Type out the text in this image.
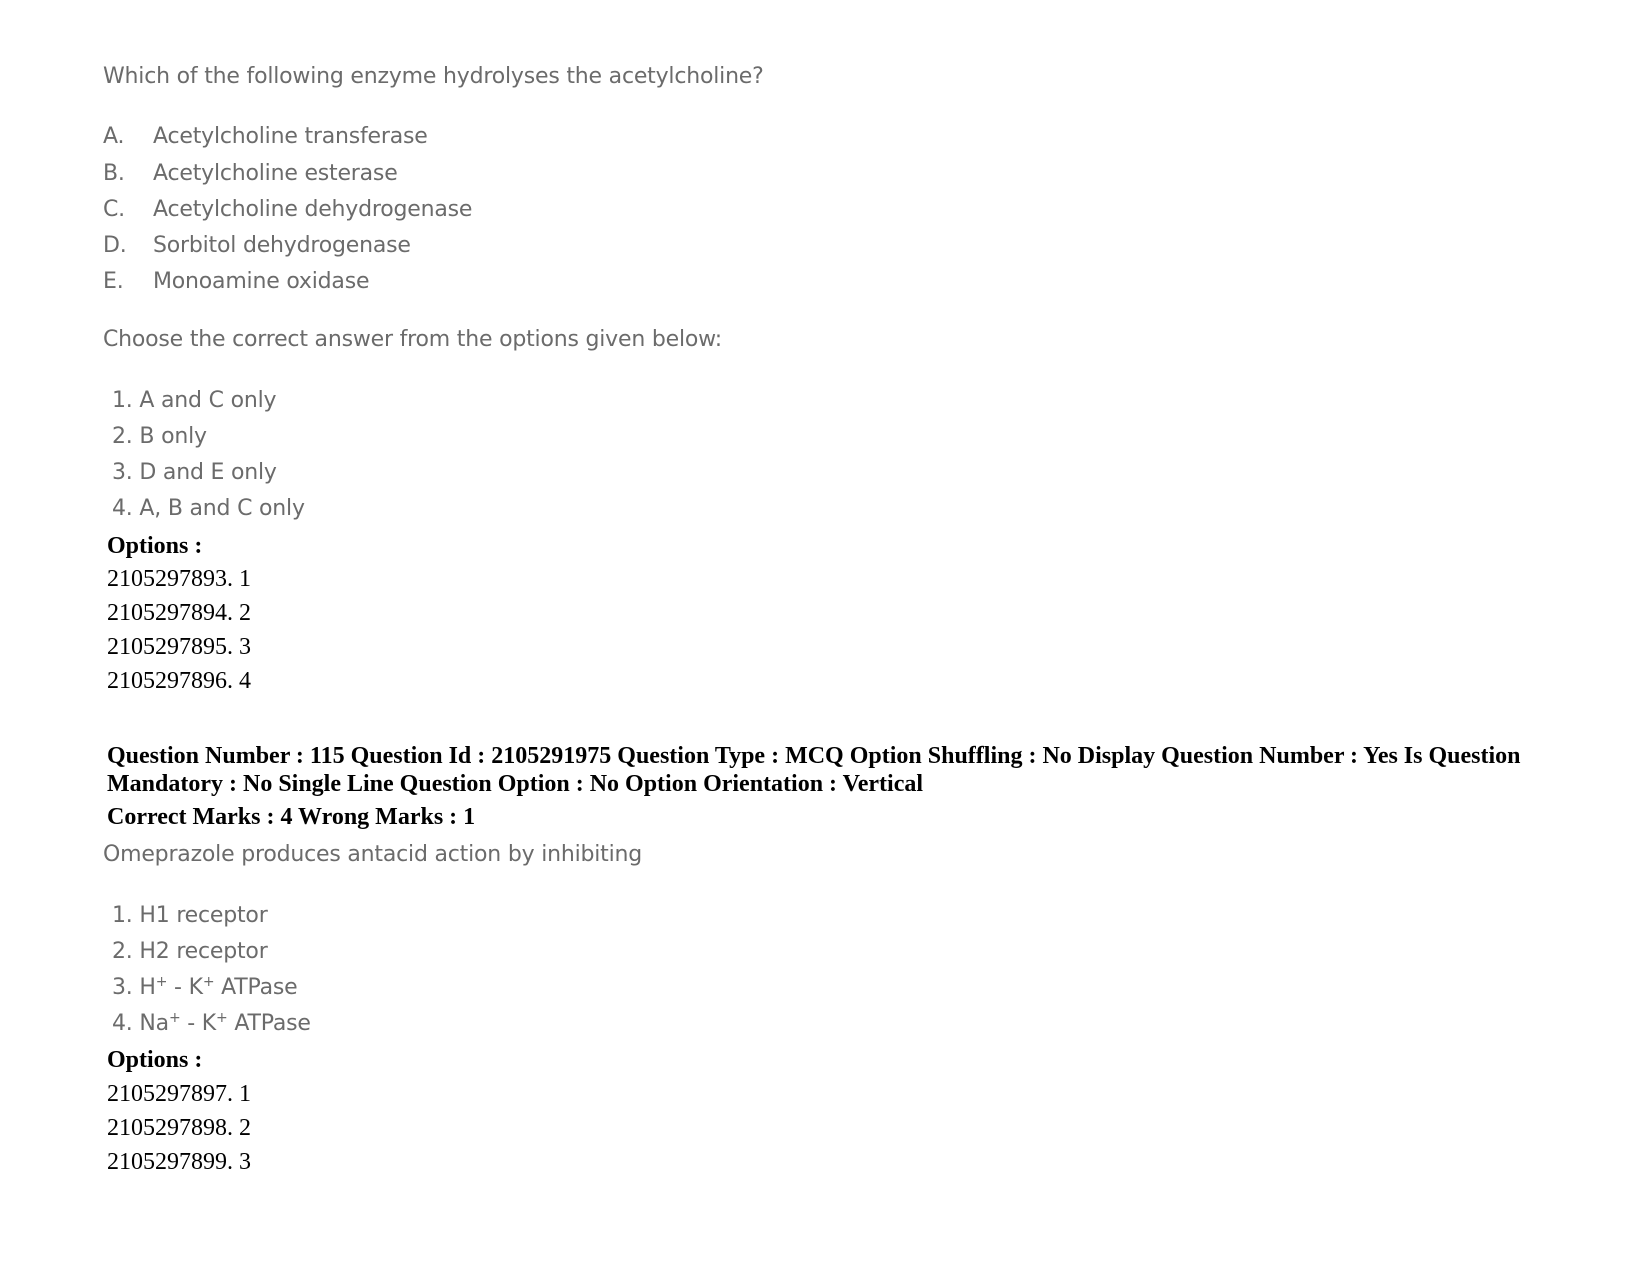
Which of the following enzyme hydrolyses the acetylcholine?
A. Acetylcholine transferase
B. Acetylcholine esterase
C. Acetylcholine dehydrogenase
D. Sorbitol dehydrogenase
E. Monoamine oxidase
Choose the correct answer from the options given below:
1. A and C only
2. B only
3. D and E only
4. A, B and C only
Options :
2105297893. 1
2105297894. 2
2105297895. 3
2105297896. 4
Question Number : 115 Question Id : 2105291975 Question Type : MCQ Option Shuffling : No Display Question Number : Yes Is Question Mandatory : No Single Line Question Option : No Option Orientation : Vertical
Correct Marks : 4 Wrong Marks : 1
Omeprazole produces antacid action by inhibiting
1. H1 receptor
2. H2 receptor
3. H+ - K+ ATPase
4. Na+ - K+ ATPase
Options :
2105297897. 1
2105297898. 2
2105297899. 3
